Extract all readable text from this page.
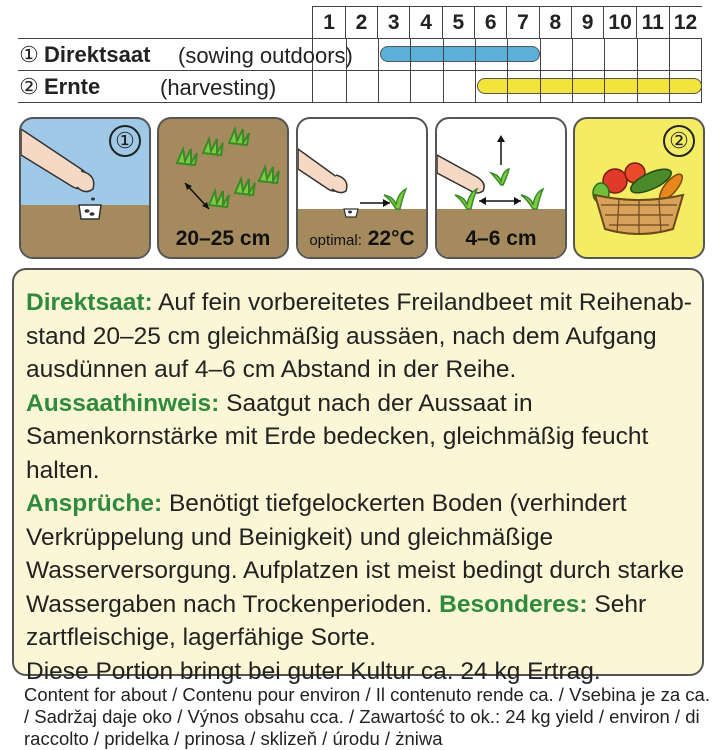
	1	2	3	4	5	6	7	8	9	10	11	12
① Direktsaat (sowing outdoors)												

② Ernte (harvesting)												

①
20–25 cm	optimal: 22°C	4–6 cm
②

Direktsaat: Auf fein vorbereitetes Freilandbeet mit Reihenabstand 20–25 cm gleichmäßig aussäen, nach dem Aufgang ausdünnen auf 4–6 cm Abstand in der Reihe.

Aussaathinweis: Saatgut nach der Aussaat in Samenkornstärke mit Erde bedecken, gleichmäßig feucht halten.

Ansprüche: Benötigt tiefgelockerten Boden (verhindert Verkrüppelung und Beinigkeit) und gleichmäßige Wasserversorgung. Aufplatzen ist meist bedingt durch starke Wassergaben nach Trockenperioden. Besonderes: Sehr zartfleischige, lagerfähige Sorte.

Diese Portion bringt bei guter Kultur ca. 24 kg Ertrag.

Content for about / Contenu pour environ / Il contenuto rende ca. / Vsebina je za ca. / Sadržaj daje oko / Výnos obsahu cca. / Zawartość to ok.: 24 kg yield / environ / di raccolto / pridelka / prinosa / sklizeň / úrodu / żniwa
